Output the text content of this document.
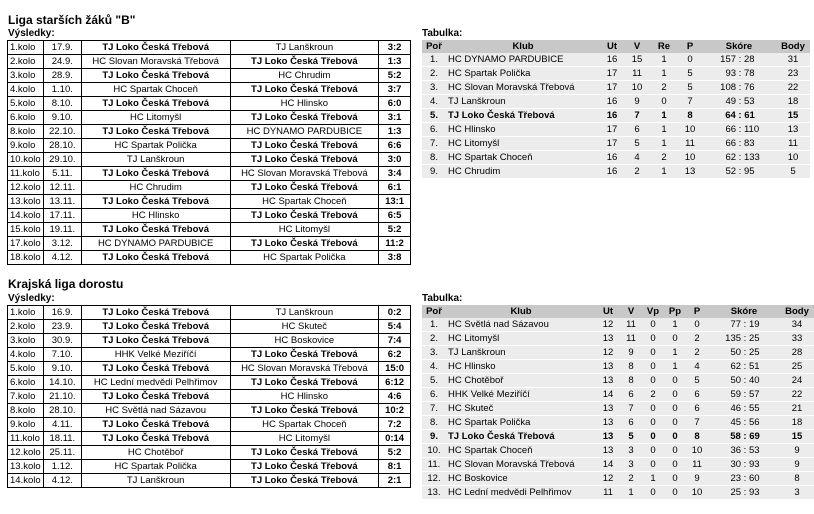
Liga starších žáků "B"
Výsledky:	Tabulka:
1.kolo	17.9.	TJ Loko Česká Třebová	TJ Lanškroun	3:2
2.kolo	24.9.	HC Slovan Moravská Třebová	TJ Loko Česká Třebová	1:3
3.kolo	28.9.	TJ Loko Česká Třebová	HC Chrudim	5:2
4.kolo	1.10.	HC Spartak Choceň	TJ Loko Česká Třebová	3:7
5.kolo	8.10.	TJ Loko Česká Třebová	HC Hlinsko	6:0
6.kolo	9.10.	HC Litomyšl	TJ Loko Česká Třebová	3:1
8.kolo	22.10.	TJ Loko Česká Třebová	HC DYNAMO PARDUBICE	1:3
9.kolo	28.10.	HC Spartak Polička	TJ Loko Česká Třebová	6:6
10.kolo	29.10.	TJ Lanškroun	TJ Loko Česká Třebová	3:0
11.kolo	5.11.	TJ Loko Česká Třebová	HC Slovan Moravská Třebová	3:4
12.kolo	12.11.	HC Chrudim	TJ Loko Česká Třebová	6:1
13.kolo	13.11.	TJ Loko Česká Třebová	HC Spartak Choceň	13:1
14.kolo	17.11.	HC Hlinsko	TJ Loko Česká Třebová	6:5
15.kolo	19.11.	TJ Loko Česká Třebová	HC Litomyšl	5:2
17.kolo	3.12.	HC DYNAMO PARDUBICE	TJ Loko Česká Třebová	11:2
18.kolo	4.12.	TJ Loko Česká Třebová	HC Spartak Polička	3:8
Poř	Klub	Ut	V	Re	P	Skóre	Body
1.	HC DYNAMO PARDUBICE	16	15	1	0	157 : 28	31
2.	HC Spartak Polička	17	11	1	5	93 : 78	23
3.	HC Slovan Moravská Třebová	17	10	2	5	108 : 76	22
4.	TJ Lanškroun	16	9	0	7	49 : 53	18
5.	TJ Loko Česká Třebová	16	7	1	8	64 : 61	15
6.	HC Hlinsko	17	6	1	10	66 : 110	13
7.	HC Litomyšl	17	5	1	11	66 : 83	11
8.	HC Spartak Choceň	16	4	2	10	62 : 133	10
9.	HC Chrudim	16	2	1	13	52 : 95	5
Krajská liga dorostu
Výsledky:	Tabulka:
1.kolo	16.9.	TJ Loko Česká Třebová	TJ Lanškroun	0:2
2.kolo	23.9.	TJ Loko Česká Třebová	HC Skuteč	5:4
3.kolo	30.9.	TJ Loko Česká Třebová	HC Boskovice	7:4
4.kolo	7.10.	HHK Velké Meziříčí	TJ Loko Česká Třebová	6:2
5.kolo	9.10.	TJ Loko Česká Třebová	HC Slovan Moravská Třebová	15:0
6.kolo	14.10.	HC Lední medvědi Pelhřimov	TJ Loko Česká Třebová	6:12
7.kolo	21.10.	TJ Loko Česká Třebová	HC Hlinsko	4:6
8.kolo	28.10.	HC Světlá nad Sázavou	TJ Loko Česká Třebová	10:2
9.kolo	4.11.	TJ Loko Česká Třebová	HC Spartak Choceň	7:2
11.kolo	18.11.	TJ Loko Česká Třebová	HC Litomyšl	0:14
12.kolo	25.11.	HC Chotěboř	TJ Loko Česká Třebová	5:2
13.kolo	1.12.	HC Spartak Polička	TJ Loko Česká Třebová	8:1
14.kolo	4.12.	TJ Lanškroun	TJ Loko Česká Třebová	2:1
Poř	Klub	Ut	V	Vp	Pp	P	Skóre	Body
1.	HC Světlá nad Sázavou	12	11	0	1	0	77 : 19	34
2.	HC Litomyšl	13	11	0	0	2	135 : 25	33
3.	TJ Lanškroun	12	9	0	1	2	50 : 25	28
4.	HC Hlinsko	13	8	0	1	4	62 : 51	25
5.	HC Chotěboř	13	8	0	0	5	50 : 40	24
6.	HHK Velké Meziříčí	14	6	2	0	6	59 : 57	22
7.	HC Skuteč	13	7	0	0	6	46 : 55	21
8.	HC Spartak Polička	13	6	0	0	7	45 : 56	18
9.	TJ Loko Česká Třebová	13	5	0	0	8	58 : 69	15
10.	HC Spartak Choceň	13	3	0	0	10	36 : 53	9
11.	HC Slovan Moravská Třebová	14	3	0	0	11	30 : 93	9
12.	HC Boskovice	12	2	1	0	9	23 : 60	8
13.	HC Lední medvědi Pelhřimov	11	1	0	0	10	25 : 93	3
